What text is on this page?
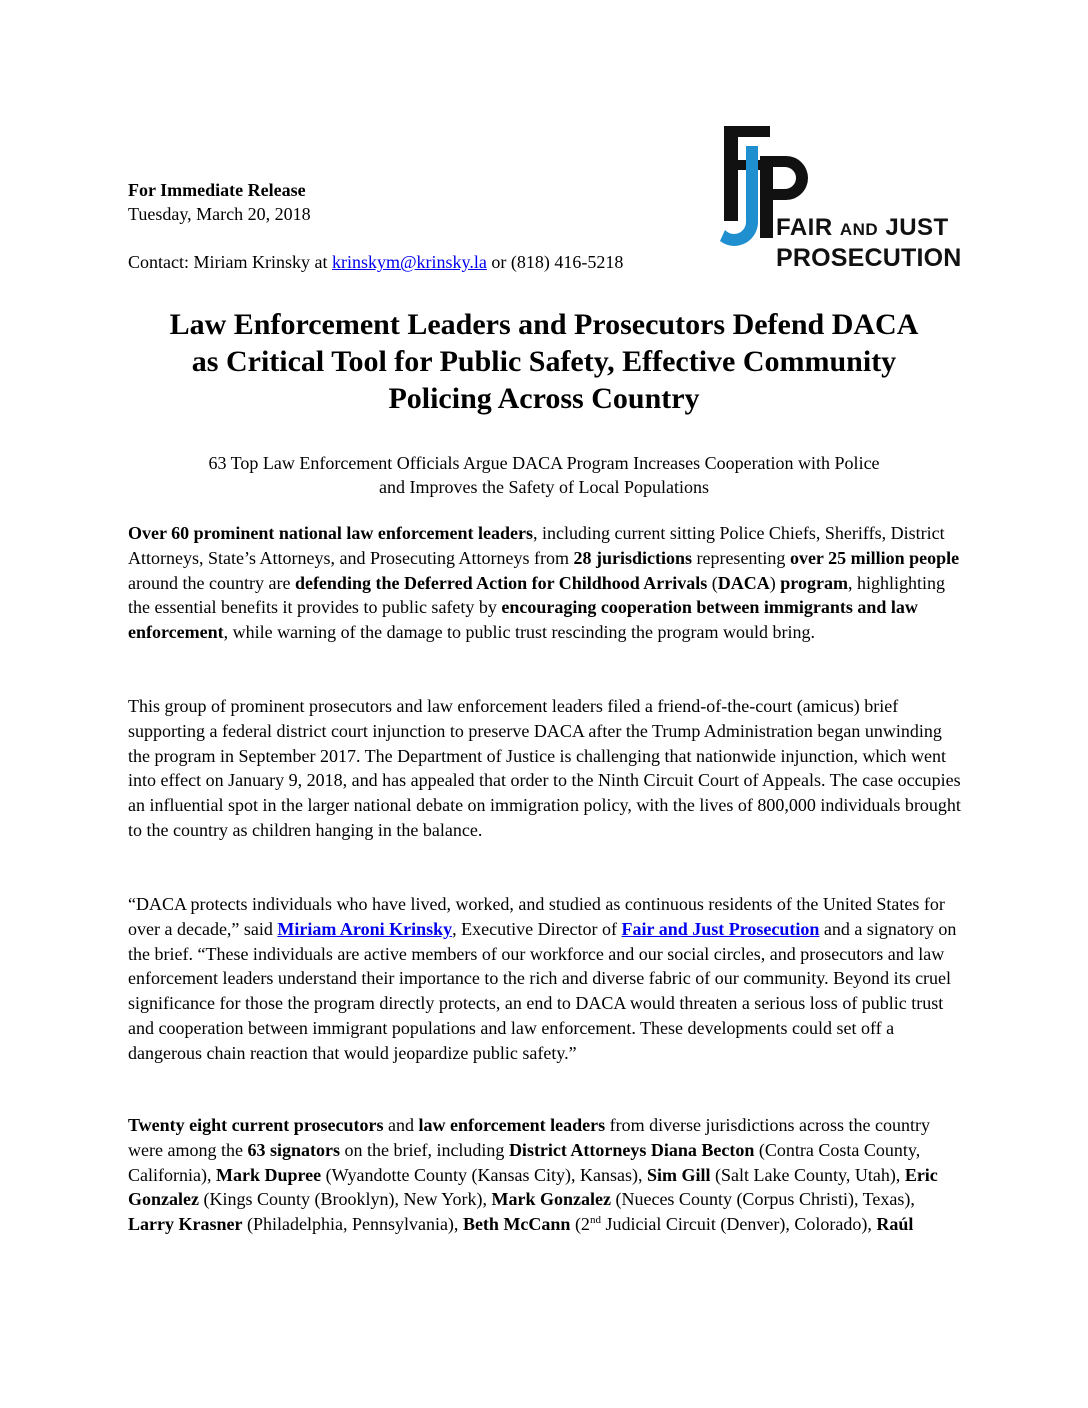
For Immediate Release
Tuesday, March 20, 2018
Contact: Miriam Krinsky at krinskym@krinsky.la or (818) 416-5218
FAIR AND JUST
PROSECUTION
Law Enforcement Leaders and Prosecutors Defend DACA
as Critical Tool for Public Safety, Effective Community
Policing Across Country

63 Top Law Enforcement Officials Argue DACA Program Increases Cooperation with Police
and Improves the Safety of Local Populations

Over 60 prominent national law enforcement leaders, including current sitting Police Chiefs, Sheriffs, District Attorneys, State’s Attorneys, and Prosecuting Attorneys from 28 jurisdictions representing over 25 million people around the country are defending the Deferred Action for Childhood Arrivals (DACA) program, highlighting the essential benefits it provides to public safety by encouraging cooperation between immigrants and law enforcement, while warning of the damage to public trust rescinding the program would bring.

This group of prominent prosecutors and law enforcement leaders filed a friend-of-the-court (amicus) brief supporting a federal district court injunction to preserve DACA after the Trump Administration began unwinding the program in September 2017. The Department of Justice is challenging that nationwide injunction, which went into effect on January 9, 2018, and has appealed that order to the Ninth Circuit Court of Appeals. The case occupies an influential spot in the larger national debate on immigration policy, with the lives of 800,000 individuals brought to the country as children hanging in the balance.

“DACA protects individuals who have lived, worked, and studied as continuous residents of the United States for over a decade,” said Miriam Aroni Krinsky, Executive Director of Fair and Just Prosecution and a signatory on the brief. “These individuals are active members of our workforce and our social circles, and prosecutors and law enforcement leaders understand their importance to the rich and diverse fabric of our community. Beyond its cruel significance for those the program directly protects, an end to DACA would threaten a serious loss of public trust and cooperation between immigrant populations and law enforcement. These developments could set off a dangerous chain reaction that would jeopardize public safety.”

Twenty eight current prosecutors and law enforcement leaders from diverse jurisdictions across the country were among the 63 signators on the brief, including District Attorneys Diana Becton (Contra Costa County, California), Mark Dupree (Wyandotte County (Kansas City), Kansas), Sim Gill (Salt Lake County, Utah), Eric Gonzalez (Kings County (Brooklyn), New York), Mark Gonzalez (Nueces County (Corpus Christi), Texas), Larry Krasner (Philadelphia, Pennsylvania), Beth McCann (2nd Judicial Circuit (Denver), Colorado), Raúl
